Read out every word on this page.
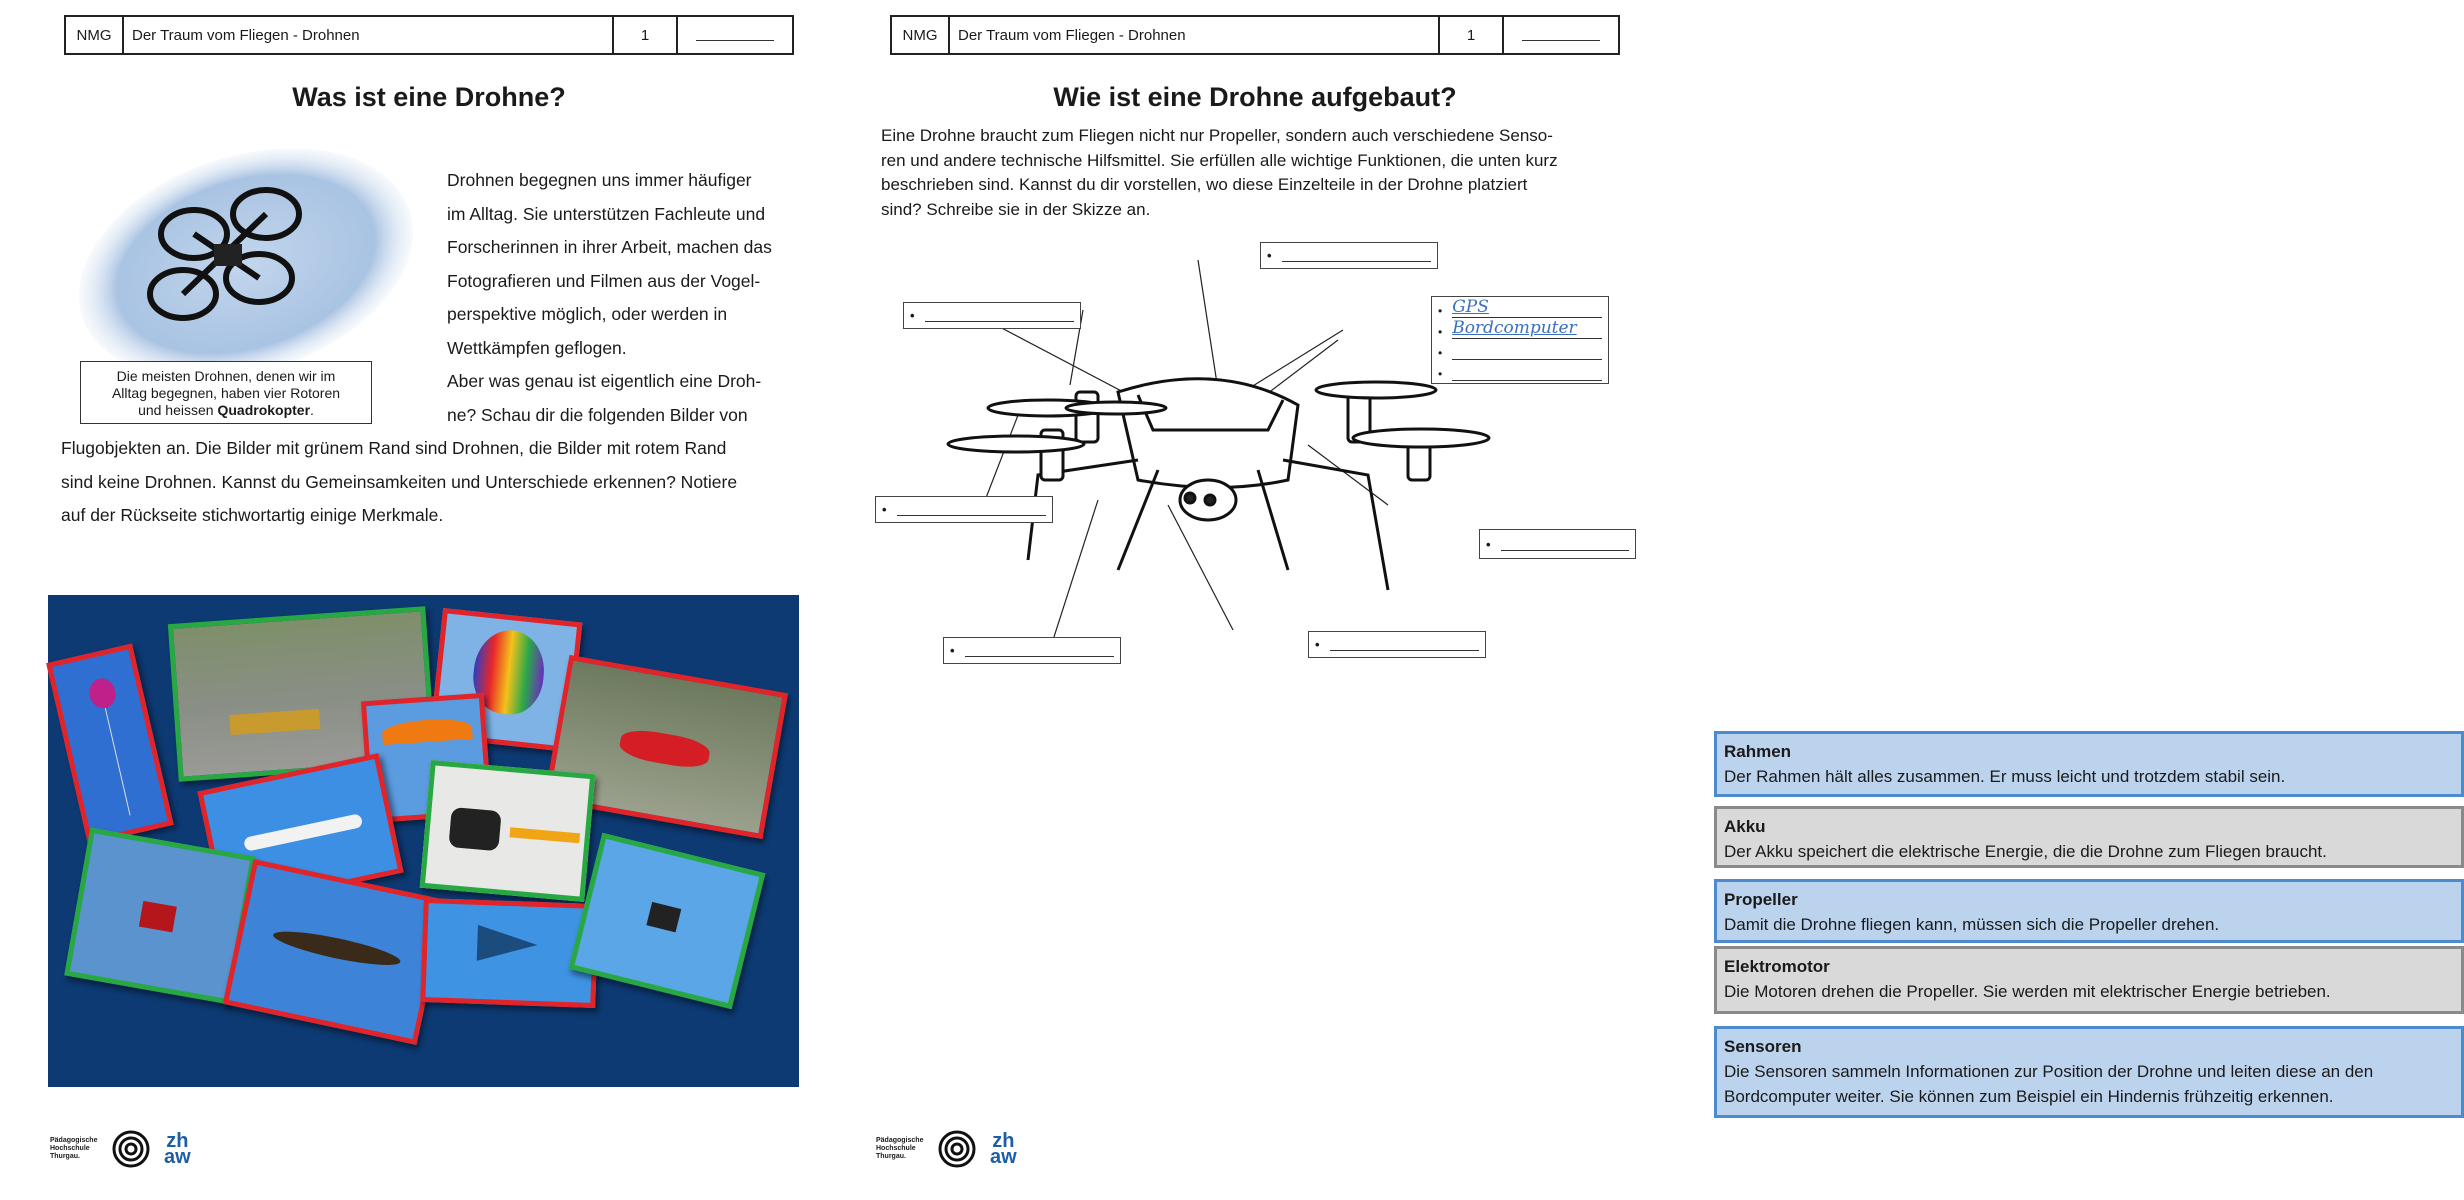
NMG	Der Traum vom Fliegen - Drohnen	1
Was ist eine Drohne?
Die meisten Drohnen, denen wir im
Alltag begegnen, haben vier Rotoren
und heissen Quadrokopter.
Drohnen begegnen uns immer häufiger
im Alltag. Sie unterstützen Fachleute und
Forscherinnen in ihrer Arbeit, machen das
Fotografieren und Filmen aus der Vogel-
perspektive möglich, oder werden in
Wettkämpfen geflogen.
Aber was genau ist eigentlich eine Droh-
ne? Schau dir die folgenden Bilder von
Flugobjekten an. Die Bilder mit grünem Rand sind Drohnen, die Bilder mit rotem Rand
sind keine Drohnen. Kannst du Gemeinsamkeiten und Unterschiede erkennen? Notiere
auf der Rückseite stichwortartig einige Merkmale.
Pädagogische Hochschule Thurgau.
zh
aw
NMG	Der Traum vom Fliegen - Drohnen	1
Wie ist eine Drohne aufgebaut?
Eine Drohne braucht zum Fliegen nicht nur Propeller, sondern auch verschiedene Senso-
ren und andere technische Hilfsmittel. Sie erfüllen alle wichtige Funktionen, die unten kurz
beschrieben sind. Kannst du dir vorstellen, wo diese Einzelteile in der Drohne platziert
sind? Schreibe sie in der Skizze an.
•
•
•
•	•
•
• GPS
• Bordcomputer
•
•
Rahmen
Der Rahmen hält alles zusammen. Er muss leicht und trotzdem stabil sein.
Akku
Der Akku speichert die elektrische Energie, die die Drohne zum Fliegen braucht.
Propeller
Damit die Drohne fliegen kann, müssen sich die Propeller drehen.
Elektromotor
Die Motoren drehen die Propeller. Sie werden mit elektrischer Energie betrieben.
Sensoren
Die Sensoren sammeln Informationen zur Position der Drohne und leiten diese an den
Bordcomputer weiter. Sie können zum Beispiel ein Hindernis frühzeitig erkennen.
Pädagogische Hochschule Thurgau.
zh
aw
